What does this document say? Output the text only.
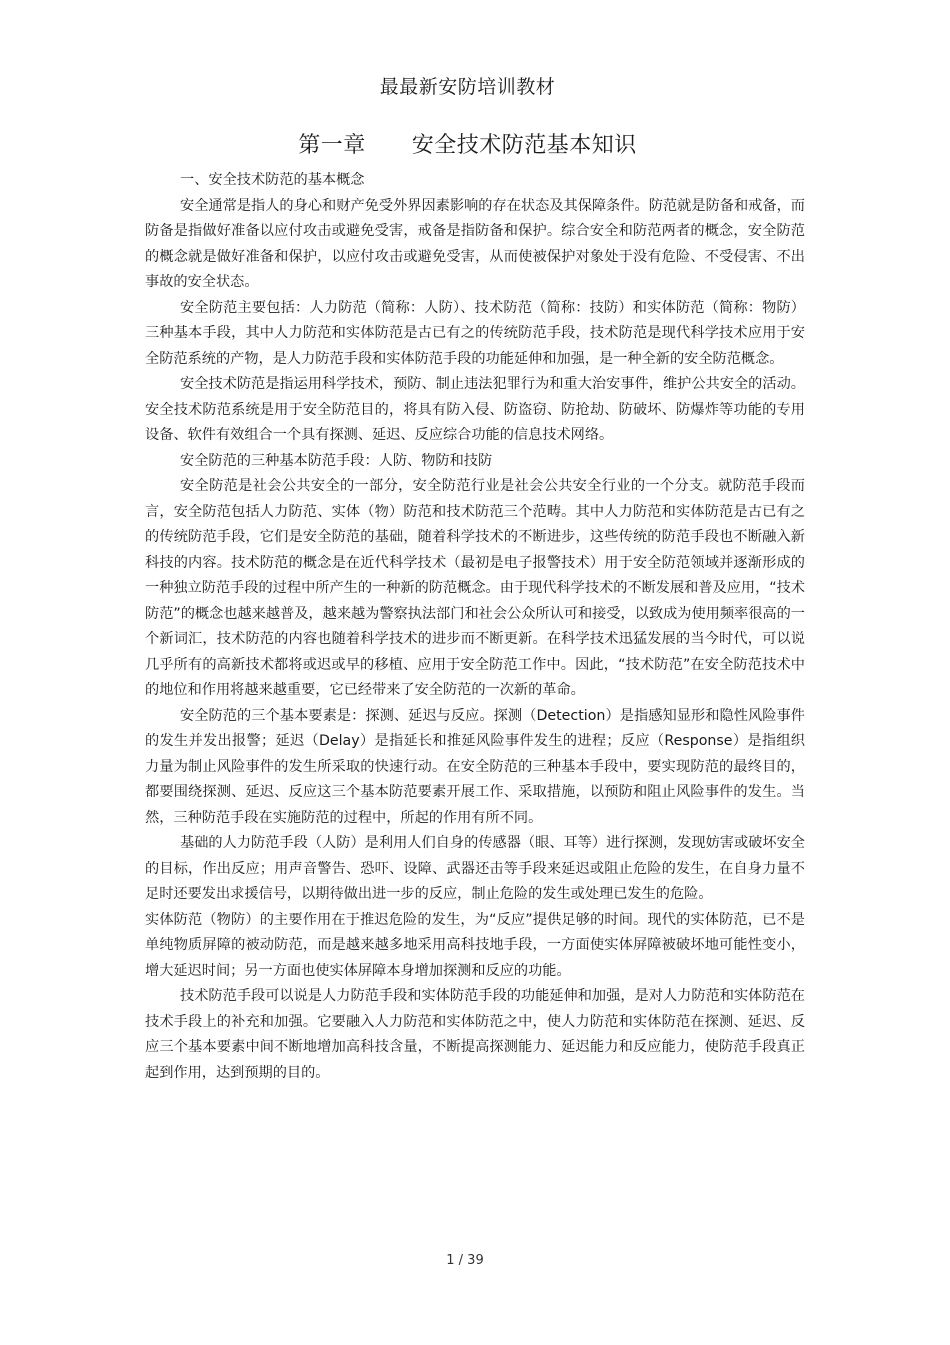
最最新安防培训教材
第一章 安全技术防范基本知识

一、安全技术防范的基本概念

安全通常是指人的身心和财产免受外界因素影响的存在状态及其保障条件。防范就是防备和戒备，而防备是指做好准备以应付攻击或避免受害，戒备是指防备和保护。综合安全和防范两者的概念，安全防范的概念就是做好准备和保护，以应付攻击或避免受害，从而使被保护对象处于没有危险、不受侵害、不出事故的安全状态。

安全防范主要包括：人力防范（简称：人防）、技术防范（简称：技防）和实体防范（简称：物防）三种基本手段，其中人力防范和实体防范是古已有之的传统防范手段，技术防范是现代科学技术应用于安全防范系统的产物，是人力防范手段和实体防范手段的功能延伸和加强，是一种全新的安全防范概念。

安全技术防范是指运用科学技术，预防、制止违法犯罪行为和重大治安事件，维护公共安全的活动。安全技术防范系统是用于安全防范目的，将具有防入侵、防盗窃、防抢劫、防破坏、防爆炸等功能的专用设备、软件有效组合一个具有探测、延迟、反应综合功能的信息技术网络。

安全防范的三种基本防范手段：人防、物防和技防

安全防范是社会公共安全的一部分，安全防范行业是社会公共安全行业的一个分支。就防范手段而言，安全防范包括人力防范、实体（物）防范和技术防范三个范畴。其中人力防范和实体防范是古已有之的传统防范手段，它们是安全防范的基础，随着科学技术的不断进步，这些传统的防范手段也不断融入新科技的内容。技术防范的概念是在近代科学技术（最初是电子报警技术）用于安全防范领域并逐渐形成的一种独立防范手段的过程中所产生的一种新的防范概念。由于现代科学技术的不断发展和普及应用，“技术防范”的概念也越来越普及，越来越为警察执法部门和社会公众所认可和接受，以致成为使用频率很高的一个新词汇，技术防范的内容也随着科学技术的进步而不断更新。在科学技术迅猛发展的当今时代，可以说几乎所有的高新技术都将或迟或早的移植、应用于安全防范工作中。因此，“技术防范”在安全防范技术中的地位和作用将越来越重要，它已经带来了安全防范的一次新的革命。

安全防范的三个基本要素是：探测、延迟与反应。探测（Detection）是指感知显形和隐性风险事件的发生并发出报警；延迟（Delay）是指延长和推延风险事件发生的进程；反应（Response）是指组织力量为制止风险事件的发生所采取的快速行动。在安全防范的三种基本手段中，要实现防范的最终目的，都要围绕探测、延迟、反应这三个基本防范要素开展工作、采取措施，以预防和阻止风险事件的发生。当然，三种防范手段在实施防范的过程中，所起的作用有所不同。

基础的人力防范手段（人防）是利用人们自身的传感器（眼、耳等）进行探测，发现妨害或破坏安全的目标，作出反应；用声音警告、恐吓、设障、武器还击等手段来延迟或阻止危险的发生，在自身力量不足时还要发出求援信号，以期待做出进一步的反应，制止危险的发生或处理已发生的危险。

实体防范（物防）的主要作用在于推迟危险的发生，为“反应”提供足够的时间。现代的实体防范，已不是单纯物质屏障的被动防范，而是越来越多地采用高科技地手段，一方面使实体屏障被破坏地可能性变小，增大延迟时间；另一方面也使实体屏障本身增加探测和反应的功能。

技术防范手段可以说是人力防范手段和实体防范手段的功能延伸和加强，是对人力防范和实体防范在技术手段上的补充和加强。它要融入人力防范和实体防范之中，使人力防范和实体防范在探测、延迟、反应三个基本要素中间不断地增加高科技含量，不断提高探测能力、延迟能力和反应能力，使防范手段真正起到作用，达到预期的目的。

1 / 39
